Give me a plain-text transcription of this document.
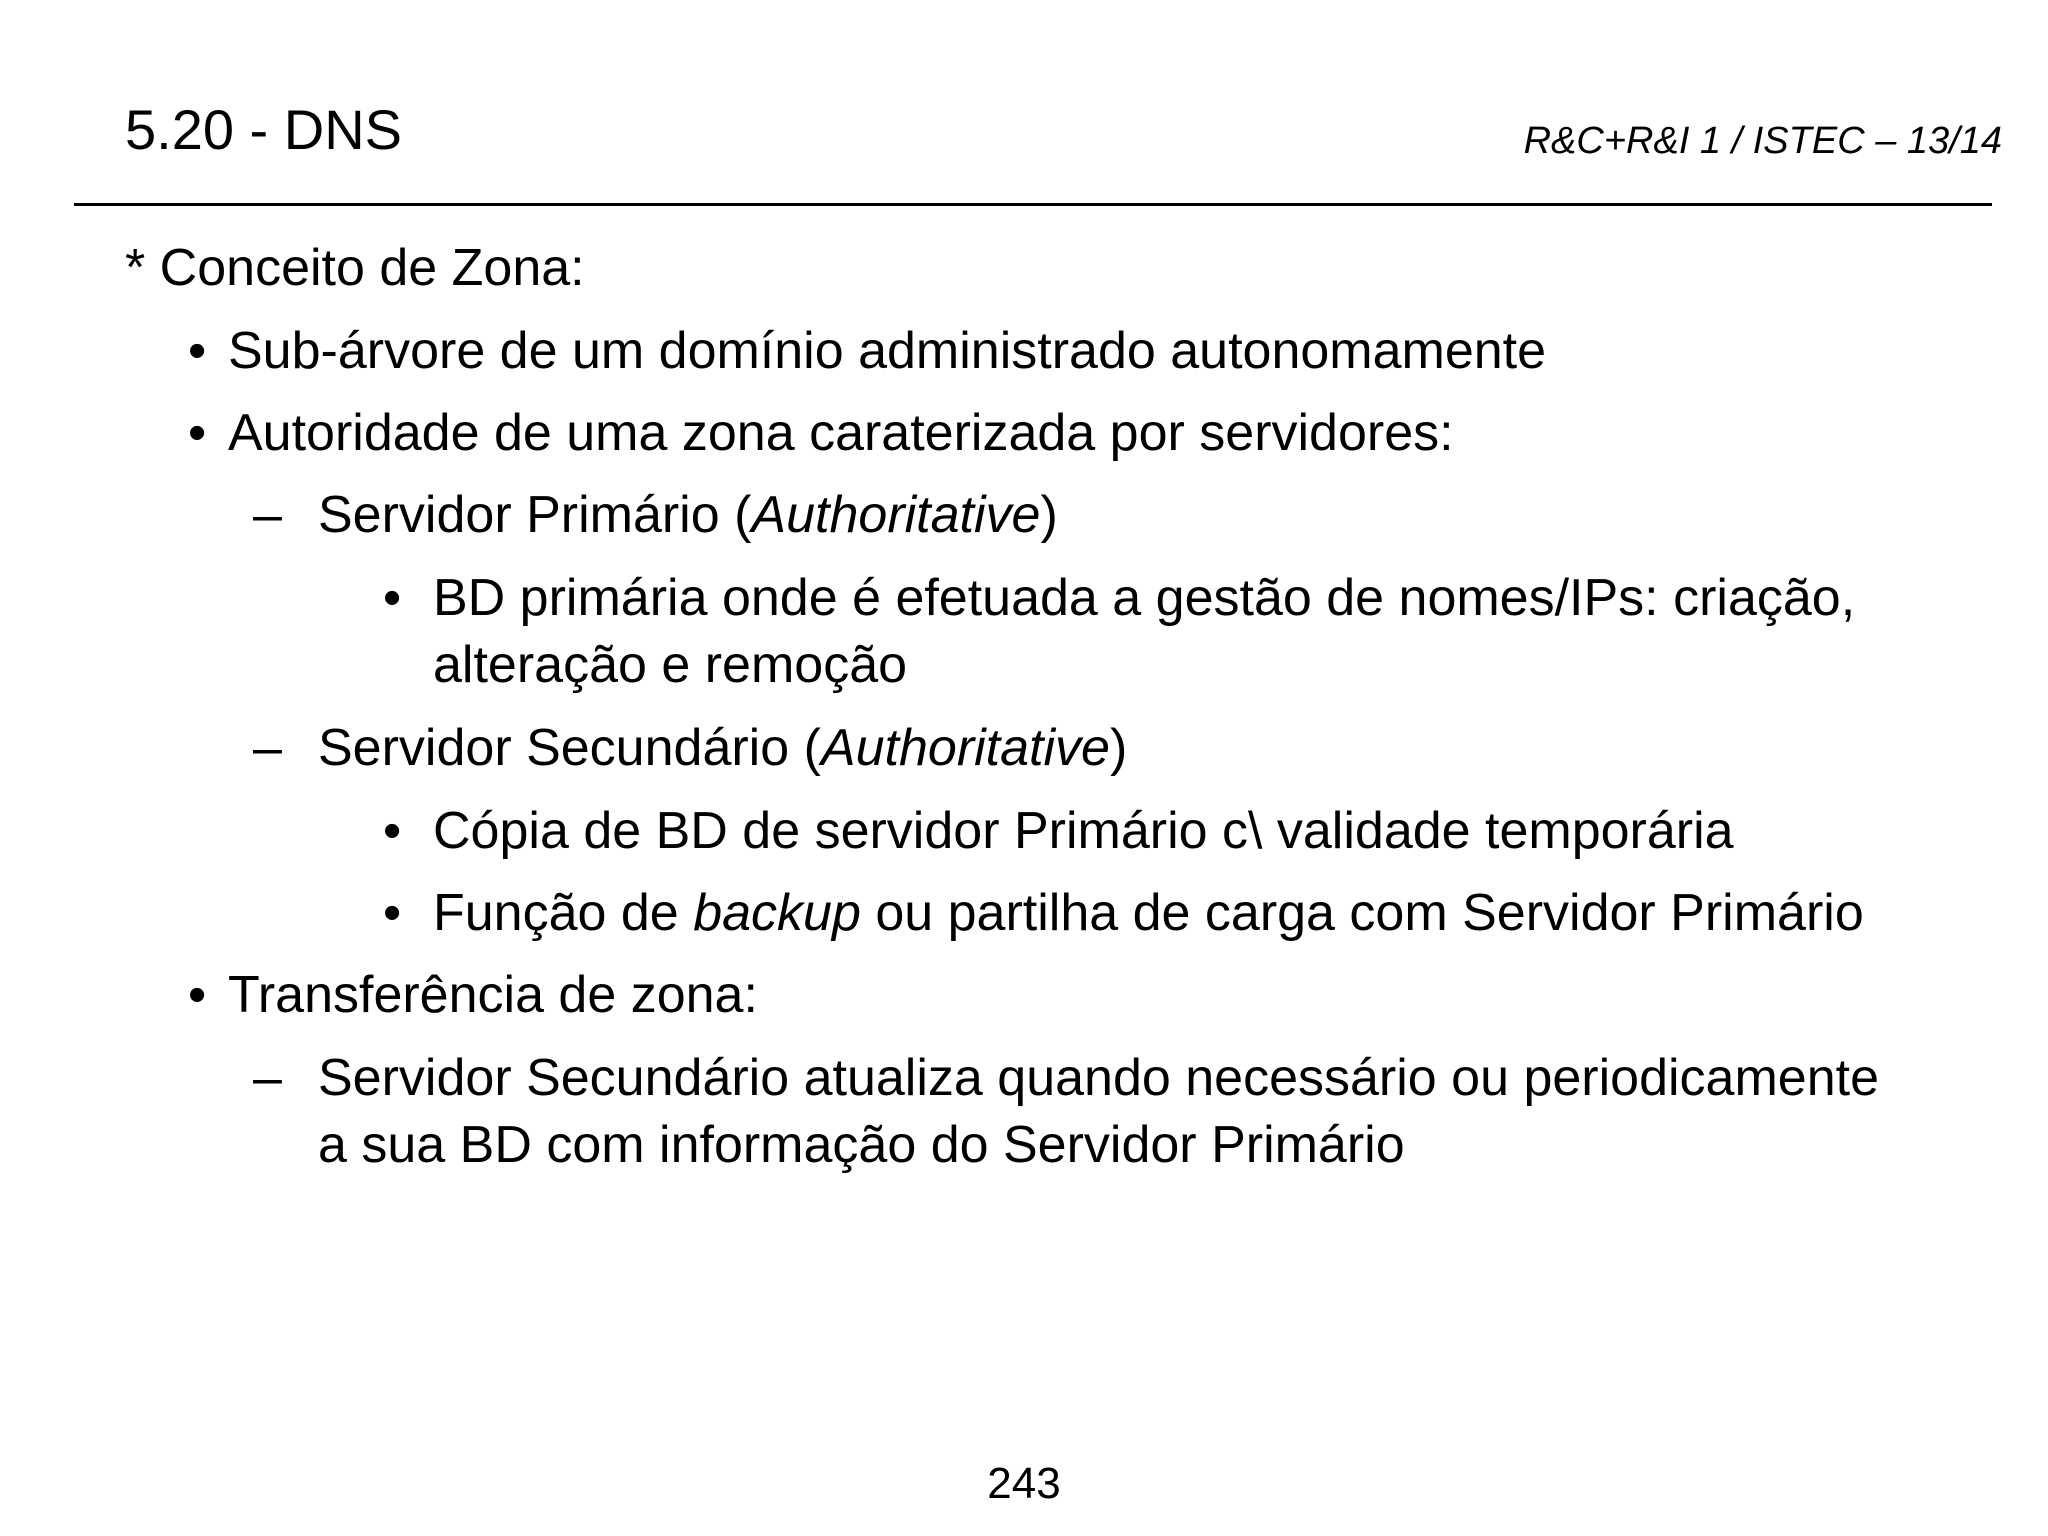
5.20 - DNS	R&C+R&I 1 / ISTEC – 13/14
* Conceito de Zona:
• Sub-árvore de um domínio administrado autonomamente
• Autoridade de uma zona caraterizada por servidores:
– Servidor Primário (Authoritative)
• BD primária onde é efetuada a gestão de nomes/IPs: criação,
alteração e remoção
– Servidor Secundário (Authoritative)
• Cópia de BD de servidor Primário c\ validade temporária
• Função de backup ou partilha de carga com Servidor Primário
• Transferência de zona:
– Servidor Secundário atualiza quando necessário ou periodicamente
a sua BD com informação do Servidor Primário
243
